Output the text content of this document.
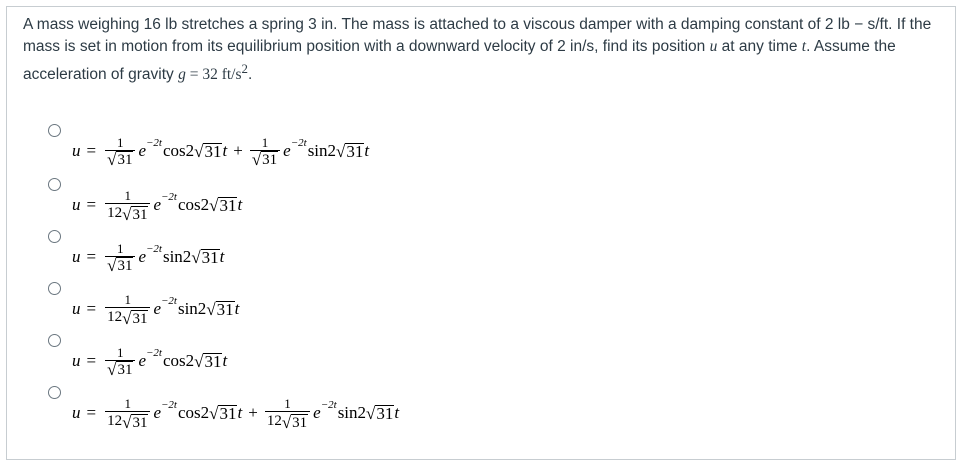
A mass weighing 16 lb stretches a spring 3 in. The mass is attached to a viscous damper with a damping constant of 2 lb − s/ft. If the
mass is set in motion from its equilibrium position with a downward velocity of 2 in/s, find its position u at any time t. Assume the
acceleration of gravity g = 32 $ft/s^2$.
$u = \frac{1}{√ 31}$ e −2t cos2 √ 31 $t + \frac{1}{√ 31}$ e −2t sin2 √ 31 t
$u = \frac{1}{12 √ 31}$ e −2t cos2 √ 31 t
$u = \frac{1}{√ 31}$ e −2t sin2 √ 31 t
$u = \frac{1}{12 √ 31}$ e −2t sin2 √ 31 t
$u = \frac{1}{√ 31}$ e −2t cos2 √ 31 t
$u = \frac{1}{12 √ 31}$ e −2t cos2 √ 31 $t + \frac{1}{12 √ 31}$ e −2t sin2 √ 31 t
